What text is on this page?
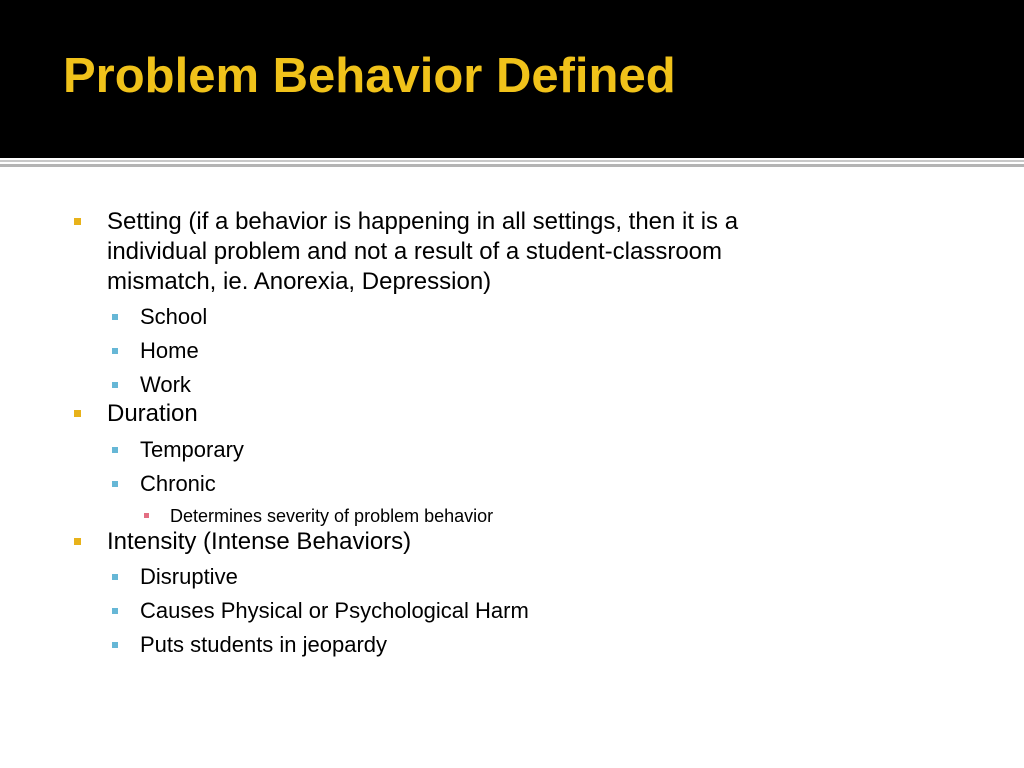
Problem Behavior Defined
Setting (if a behavior is happening in all settings, then it is a
individual problem and not a result of a student-classroom
mismatch, ie. Anorexia, Depression)
School
Home
Work
Duration
Temporary
Chronic
Determines severity of problem behavior
Intensity (Intense Behaviors)
Disruptive
Causes Physical or Psychological Harm
Puts students in jeopardy
